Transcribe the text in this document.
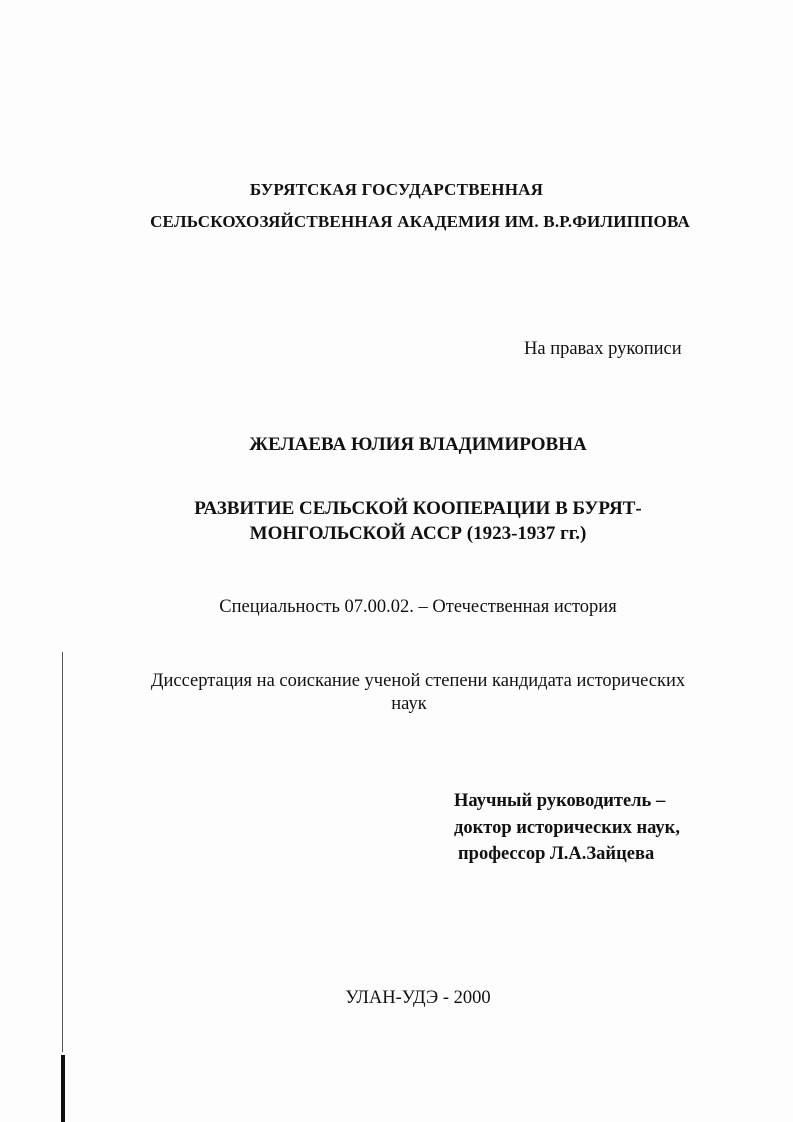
БУРЯТСКАЯ ГОСУДАРСТВЕННАЯ
СЕЛЬСКОХОЗЯЙСТВЕННАЯ АКАДЕМИЯ ИМ. В.Р.ФИЛИППОВА
На правах рукописи
ЖЕЛАЕВА ЮЛИЯ ВЛАДИМИРОВНА
РАЗВИТИЕ СЕЛЬСКОЙ КООПЕРАЦИИ В БУРЯТ-
МОНГОЛЬСКОЙ АССР (1923-1937 гг.)
Специальность 07.00.02. – Отечественная история
Диссертация на соискание ученой степени кандидата исторических
наук
Научный руководитель –
доктор исторических наук,
профессор Л.А.Зайцева
УЛАН-УДЭ - 2000
